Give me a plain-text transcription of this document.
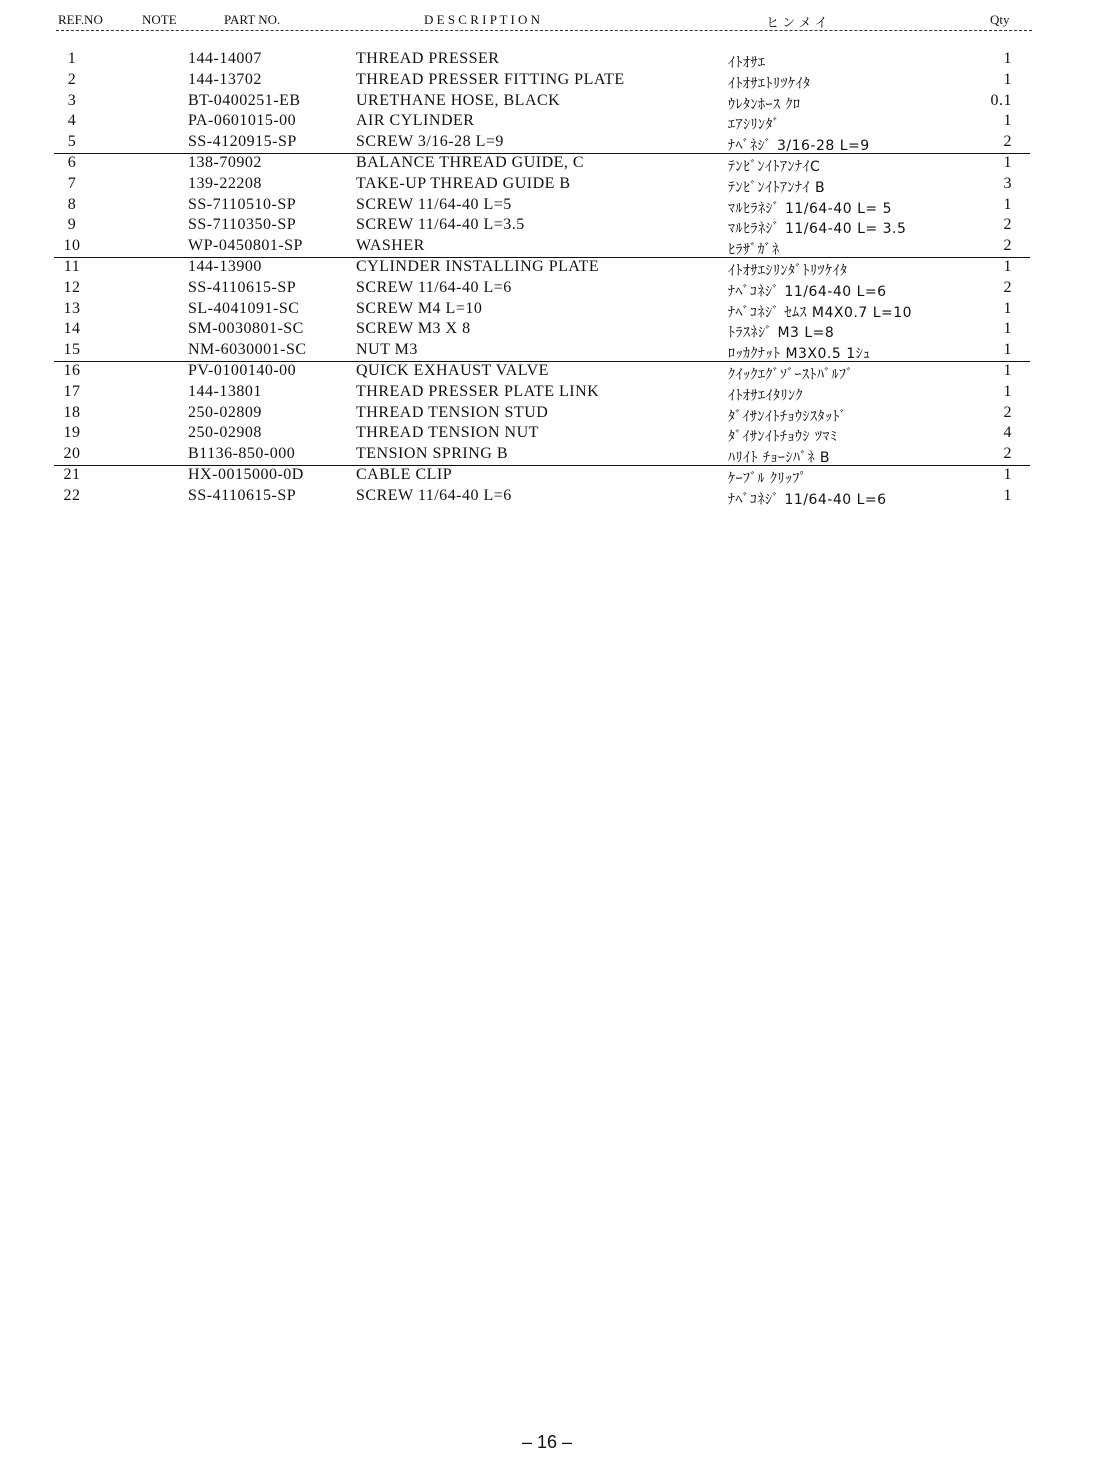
REF.NO	NOTE	PART NO.	D E S C R I P T I O N	ヒ ン メ イ	Qty
1	144-14007	THREAD PRESSER	ｲﾄｵｻｴ	1
2	144-13702	THREAD PRESSER FITTING PLATE	ｲﾄｵｻｴﾄﾘﾂｹｲﾀ	1
3	BT-0400251-EB	URETHANE HOSE, BLACK	ｳﾚﾀﾝﾎｰｽ ｸﾛ	0.1
4	PA-0601015-00	AIR CYLINDER	ｴｱｼﾘﾝﾀﾞ	1
5	SS-4120915-SP	SCREW 3/16-28 L=9	ﾅﾍﾞﾈｼﾞ 3/16-28 L=9	2
6	138-70902	BALANCE THREAD GUIDE, C	ﾃﾝﾋﾞﾝｲﾄｱﾝﾅｲC	1
7	139-22208	TAKE-UP THREAD GUIDE B	ﾃﾝﾋﾞﾝｲﾄｱﾝﾅｲ B	3
8	SS-7110510-SP	SCREW 11/64-40 L=5	ﾏﾙﾋﾗﾈｼﾞ 11/64-40 L= 5	1
9	SS-7110350-SP	SCREW 11/64-40 L=3.5	ﾏﾙﾋﾗﾈｼﾞ 11/64-40 L= 3.5	2
10	WP-0450801-SP	WASHER	ﾋﾗｻﾞｶﾞﾈ	2
11	144-13900	CYLINDER INSTALLING PLATE	ｲﾄｵｻｴｼﾘﾝﾀﾞﾄﾘﾂｹｲﾀ	1
12	SS-4110615-SP	SCREW 11/64-40 L=6	ﾅﾍﾞｺﾈｼﾞ 11/64-40 L=6	2
13	SL-4041091-SC	SCREW M4 L=10	ﾅﾍﾞｺﾈｼﾞ ｾﾑｽ M4X0.7 L=10	1
14	SM-0030801-SC	SCREW M3 X 8	ﾄﾗｽﾈｼﾞ M3 L=8	1
15	NM-6030001-SC	NUT M3	ﾛｯｶｸﾅｯﾄ M3X0.5 1ｼｭ	1
16	PV-0100140-00	QUICK EXHAUST VALVE	ｸｲｯｸｴｸﾞｿﾞｰｽﾄﾊﾞﾙﾌﾞ	1
17	144-13801	THREAD PRESSER PLATE LINK	ｲﾄｵｻｴｲﾀﾘﾝｸ	1
18	250-02809	THREAD TENSION STUD	ﾀﾞｲｻﾝｲﾄﾁｮｳｼｽﾀｯﾄﾞ	2
19	250-02908	THREAD TENSION NUT	ﾀﾞｲｻﾝｲﾄﾁｮｳｼ ﾂﾏﾐ	4
20	B1136-850-000	TENSION SPRING B	ﾊﾘｲﾄ ﾁｮｰｼﾊﾞﾈ B	2
21	HX-0015000-0D	CABLE CLIP	ｹｰﾌﾞﾙ ｸﾘｯﾌﾟ	1
22	SS-4110615-SP	SCREW 11/64-40 L=6	ﾅﾍﾞｺﾈｼﾞ 11/64-40 L=6	1
– 16 –
